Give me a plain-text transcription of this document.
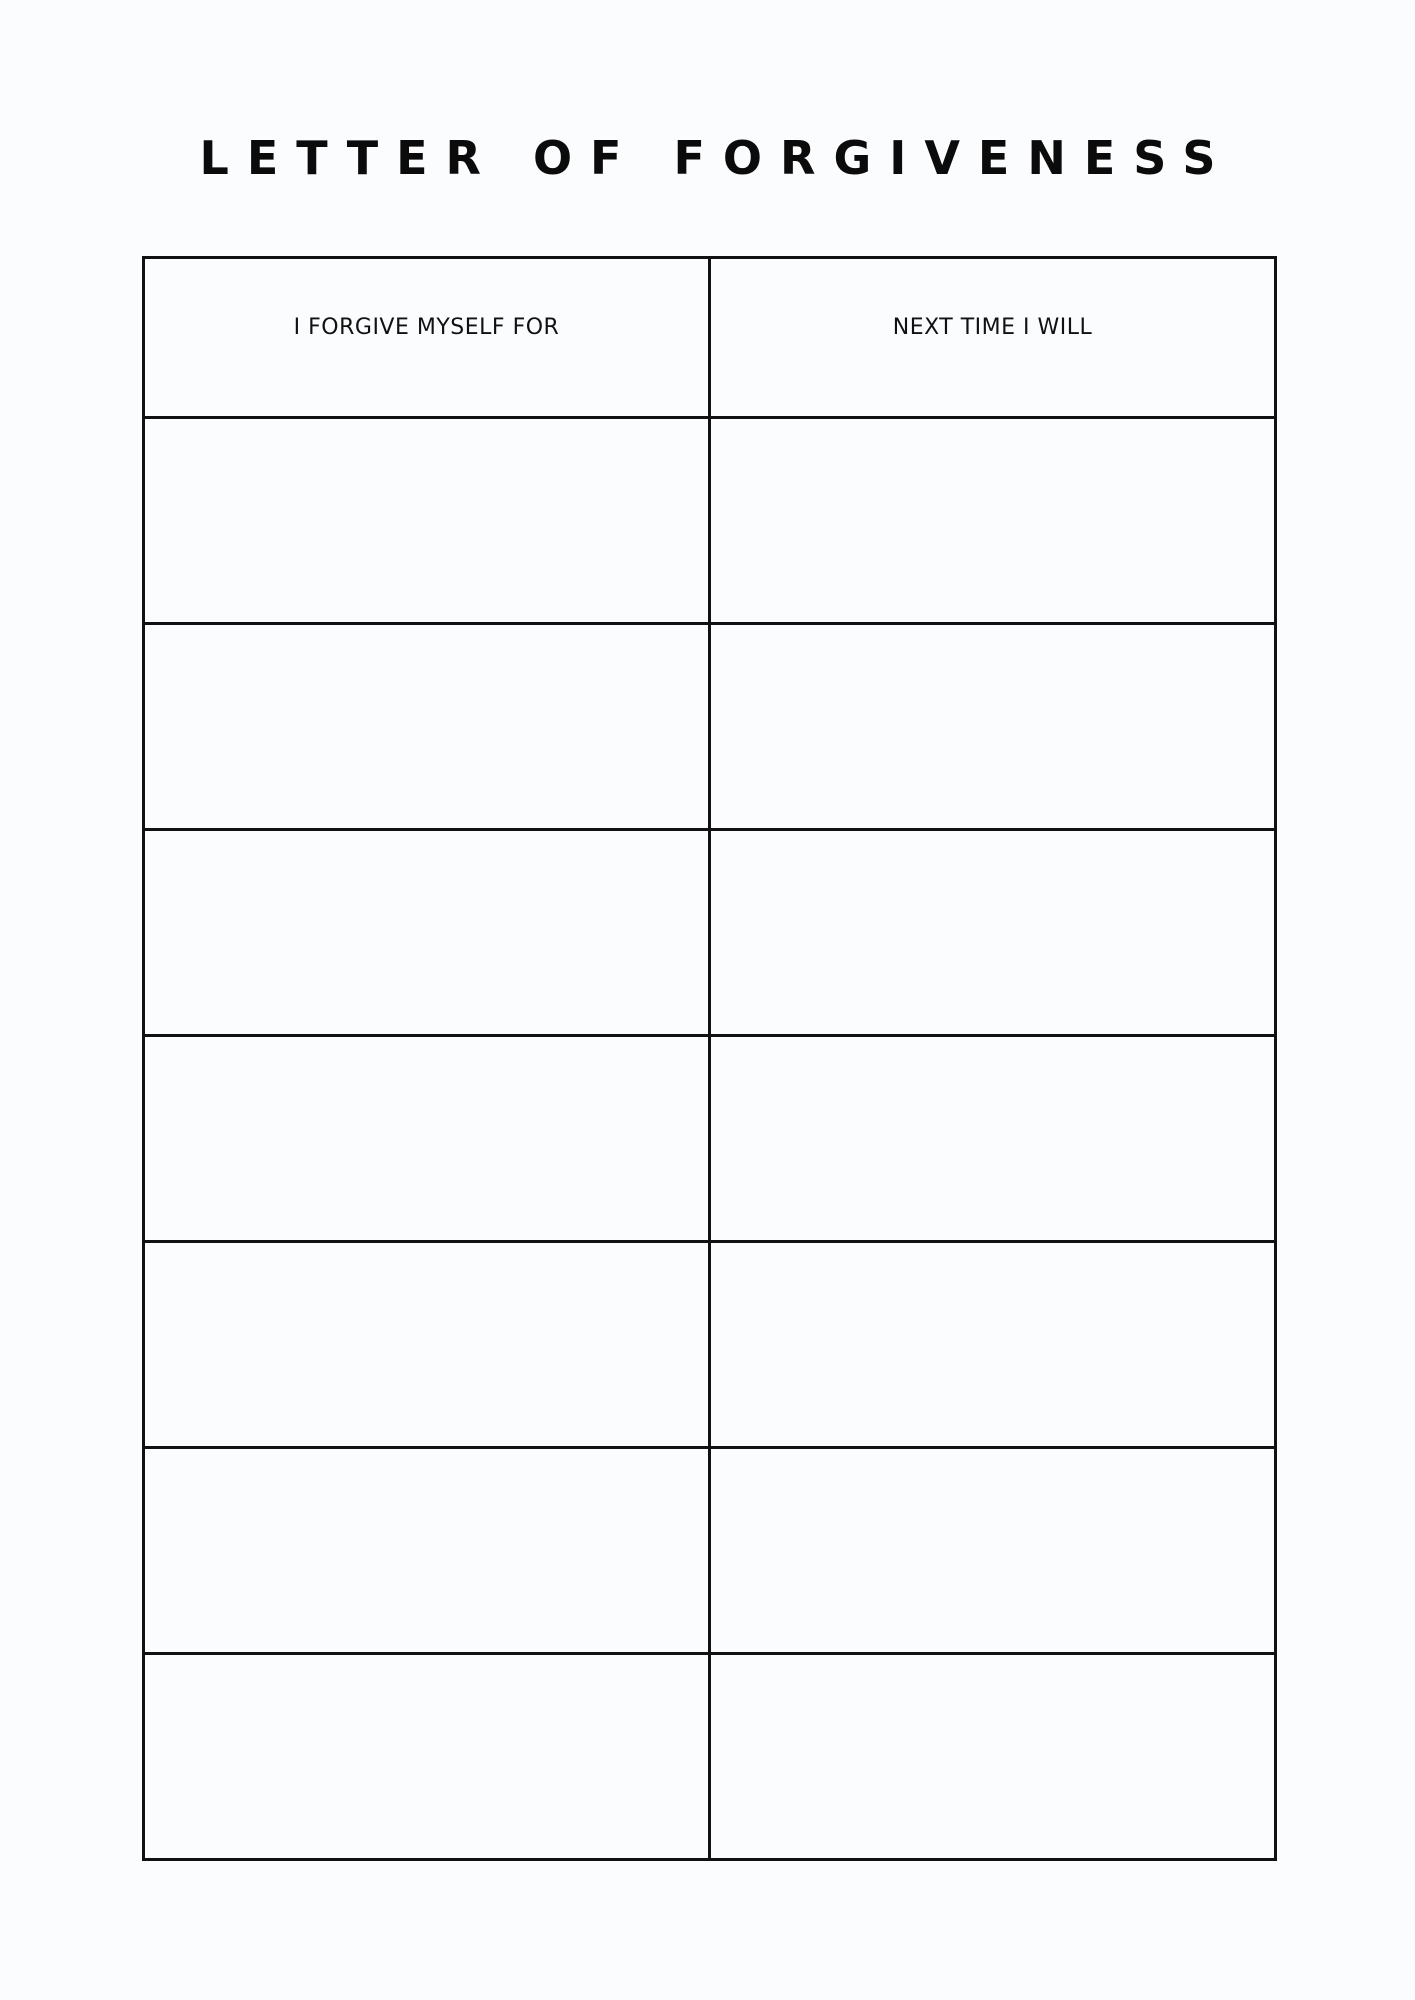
LETTER OF FORGIVENESS
I FORGIVE MYSELF FOR	NEXT TIME I WILL
